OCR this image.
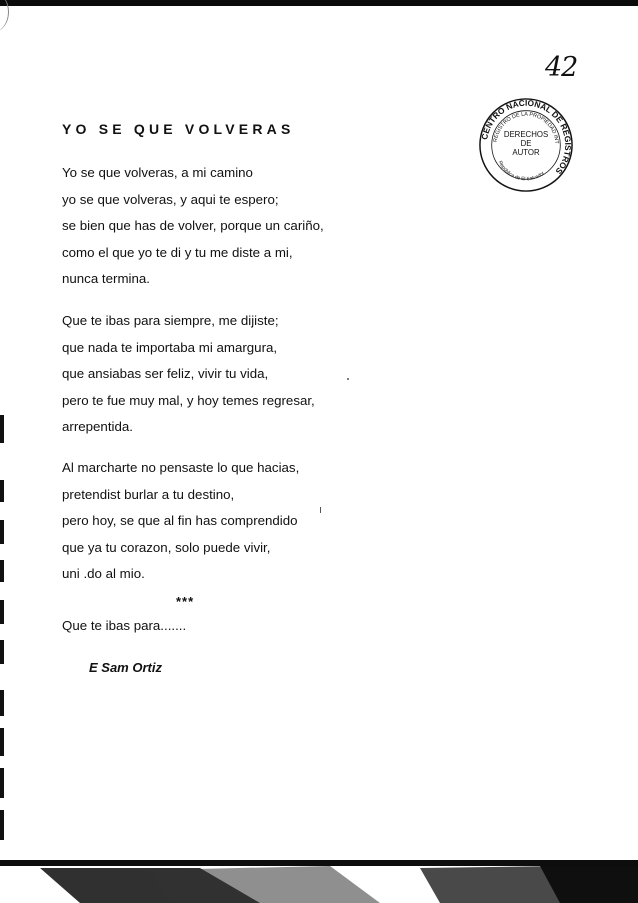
42
YO SE QUE VOLVERAS	CENTRO NACIONAL DE REGISTROS
REGISTRO DE LA PROPIEDAD INT
República de El Salvador
DERECHOS
DE
AUTOR
Yo se que volveras, a mi camino
yo se que volveras, y aqui te espero;
se bien que has de volver, porque un cariño,
como el que yo te di y tu me diste a mi,
nunca termina.
Que te ibas para siempre, me dijiste;
que nada te importaba mi amargura,
que ansiabas ser feliz, vivir tu vida,
pero te fue muy mal, y hoy temes regresar,
arrepentida.
Al marcharte no pensaste lo que hacias,
pretendist burlar a tu destino,
pero hoy, se que al fin has comprendido
que ya tu corazon, solo puede vivir,
uni .do al mio.
***
Que te ibas para.......
E Sam Ortiz
